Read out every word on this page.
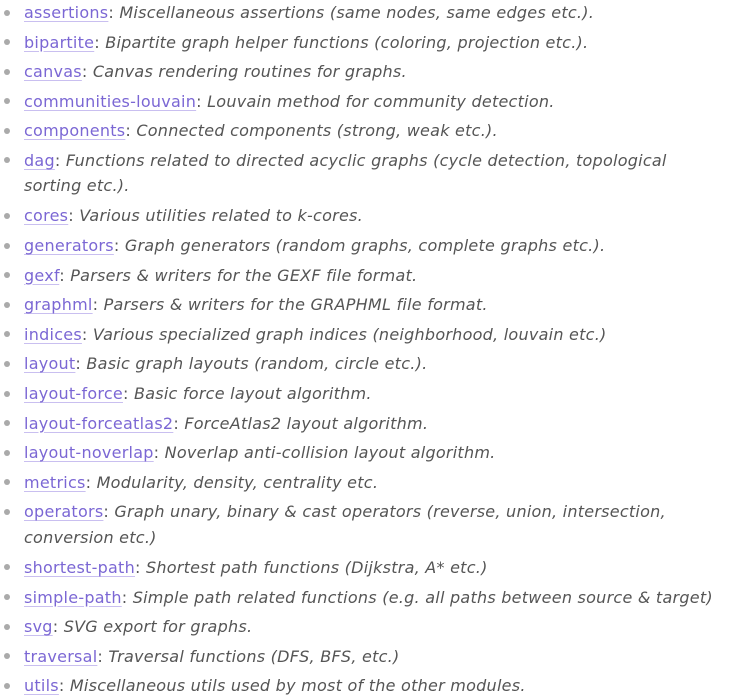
assertions: Miscellaneous assertions (same nodes, same edges etc.).
bipartite: Bipartite graph helper functions (coloring, projection etc.).
canvas: Canvas rendering routines for graphs.
communities-louvain: Louvain method for community detection.
components: Connected components (strong, weak etc.).
dag: Functions related to directed acyclic graphs (cycle detection, topological sorting etc.).
cores: Various utilities related to k-cores.
generators: Graph generators (random graphs, complete graphs etc.).
gexf: Parsers & writers for the GEXF file format.
graphml: Parsers & writers for the GRAPHML file format.
indices: Various specialized graph indices (neighborhood, louvain etc.)
layout: Basic graph layouts (random, circle etc.).
layout-force: Basic force layout algorithm.
layout-forceatlas2: ForceAtlas2 layout algorithm.
layout-noverlap: Noverlap anti-collision layout algorithm.
metrics: Modularity, density, centrality etc.
operators: Graph unary, binary & cast operators (reverse, union, intersection, conversion etc.)
shortest-path: Shortest path functions (Dijkstra, A* etc.)
simple-path: Simple path related functions (e.g. all paths between source & target)
svg: SVG export for graphs.
traversal: Traversal functions (DFS, BFS, etc.)
utils: Miscellaneous utils used by most of the other modules.
